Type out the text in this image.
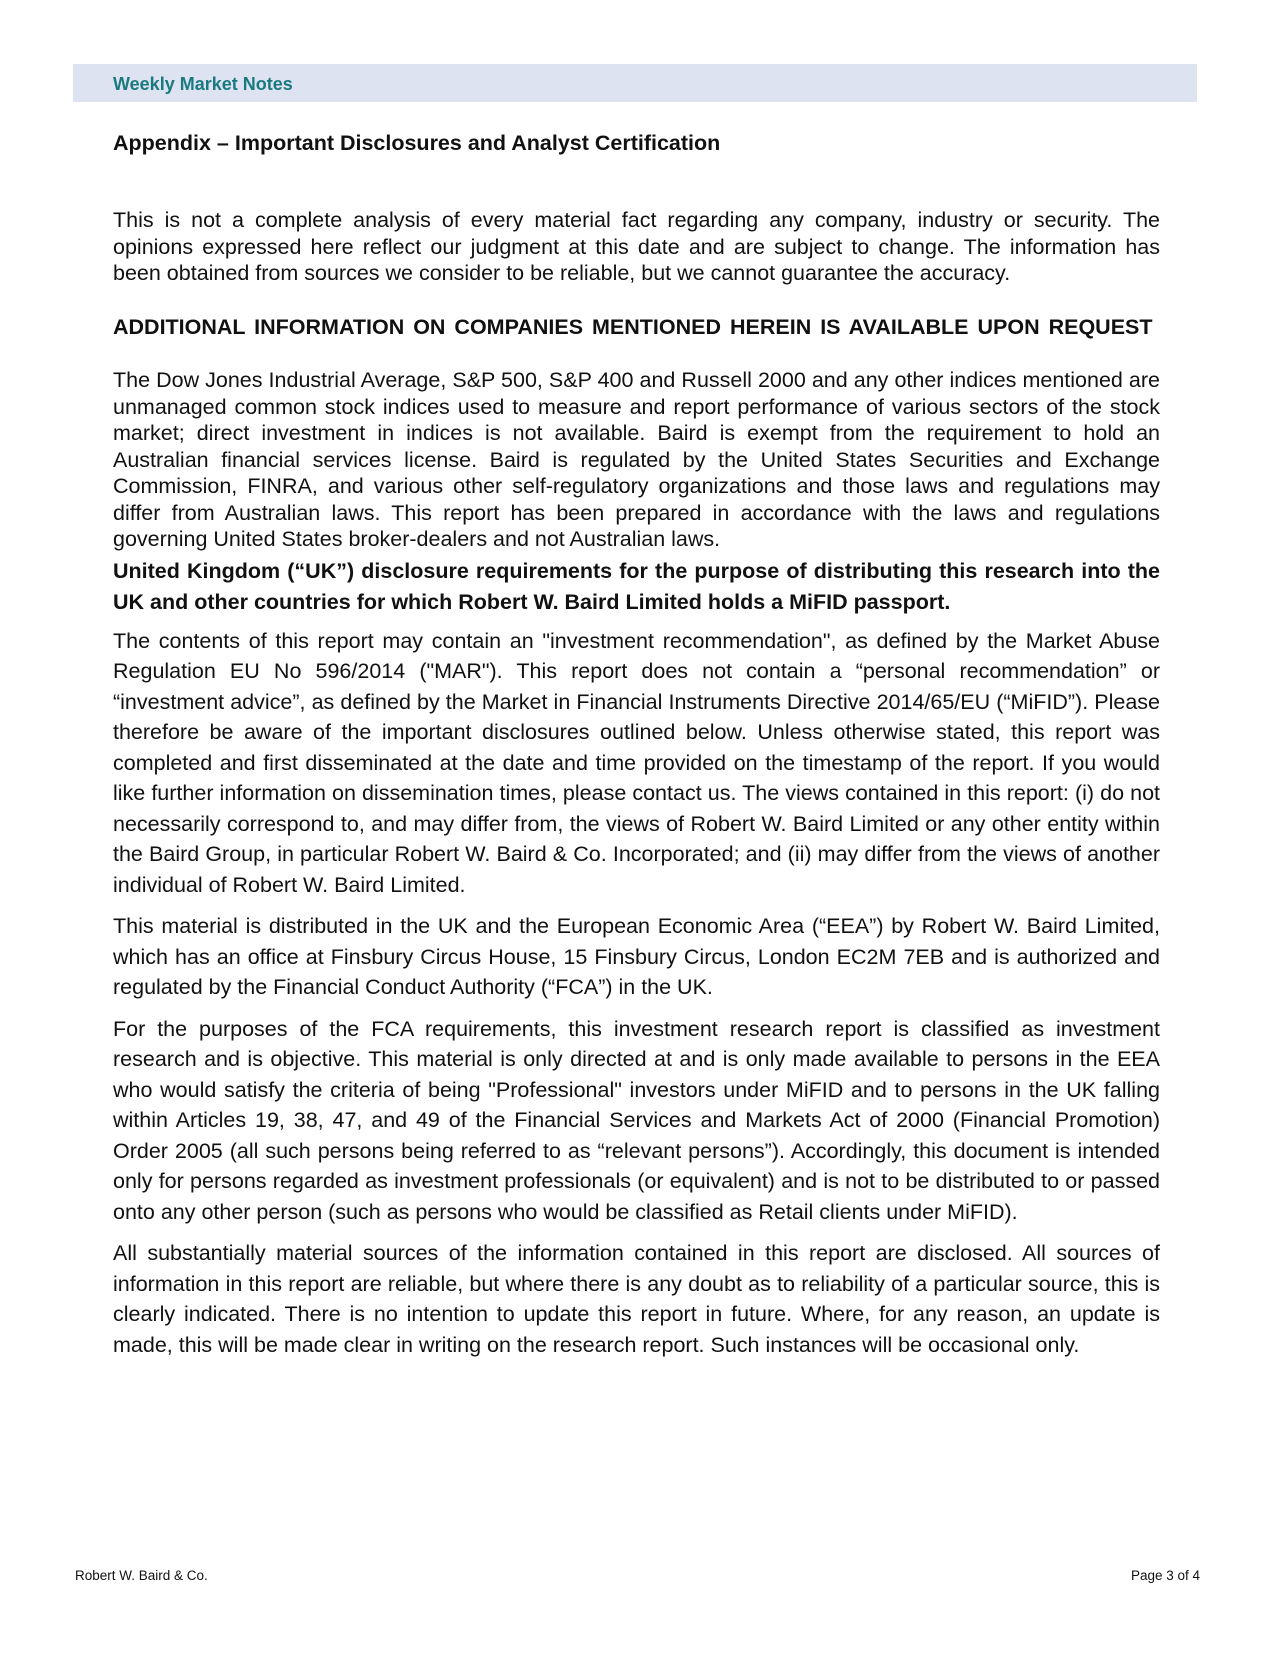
Weekly Market Notes
Appendix – Important Disclosures and Analyst Certification

This is not a complete analysis of every material fact regarding any company, industry or security. The opinions expressed here reflect our judgment at this date and are subject to change. The information has been obtained from sources we consider to be reliable, but we cannot guarantee the accuracy.

ADDITIONAL INFORMATION ON COMPANIES MENTIONED HEREIN IS AVAILABLE UPON REQUEST

The Dow Jones Industrial Average, S&P 500, S&P 400 and Russell 2000 and any other indices mentioned are unmanaged common stock indices used to measure and report performance of various sectors of the stock market; direct investment in indices is not available. Baird is exempt from the requirement to hold an Australian financial services license. Baird is regulated by the United States Securities and Exchange Commission, FINRA, and various other self-regulatory organizations and those laws and regulations may differ from Australian laws. This report has been prepared in accordance with the laws and regulations governing United States broker-dealers and not Australian laws.

United Kingdom (“UK”) disclosure requirements for the purpose of distributing this research into the UK and other countries for which Robert W. Baird Limited holds a MiFID passport.

The contents of this report may contain an "investment recommendation", as defined by the Market Abuse Regulation EU No 596/2014 ("MAR"). This report does not contain a “personal recommendation” or “investment advice”, as defined by the Market in Financial Instruments Directive 2014/65/EU (“MiFID”). Please therefore be aware of the important disclosures outlined below. Unless otherwise stated, this report was completed and first disseminated at the date and time provided on the timestamp of the report. If you would like further information on dissemination times, please contact us. The views contained in this report: (i) do not necessarily correspond to, and may differ from, the views of Robert W. Baird Limited or any other entity within the Baird Group, in particular Robert W. Baird & Co. Incorporated; and (ii) may differ from the views of another individual of Robert W. Baird Limited.

This material is distributed in the UK and the European Economic Area (“EEA”) by Robert W. Baird Limited, which has an office at Finsbury Circus House, 15 Finsbury Circus, London EC2M 7EB and is authorized and regulated by the Financial Conduct Authority (“FCA”) in the UK.

For the purposes of the FCA requirements, this investment research report is classified as investment research and is objective. This material is only directed at and is only made available to persons in the EEA who would satisfy the criteria of being "Professional" investors under MiFID and to persons in the UK falling within Articles 19, 38, 47, and 49 of the Financial Services and Markets Act of 2000 (Financial Promotion) Order 2005 (all such persons being referred to as “relevant persons”). Accordingly, this document is intended only for persons regarded as investment professionals (or equivalent) and is not to be distributed to or passed onto any other person (such as persons who would be classified as Retail clients under MiFID).

All substantially material sources of the information contained in this report are disclosed. All sources of information in this report are reliable, but where there is any doubt as to reliability of a particular source, this is clearly indicated. There is no intention to update this report in future. Where, for any reason, an update is made, this will be made clear in writing on the research report. Such instances will be occasional only.

Robert W. Baird & Co.	Page 3 of 4
